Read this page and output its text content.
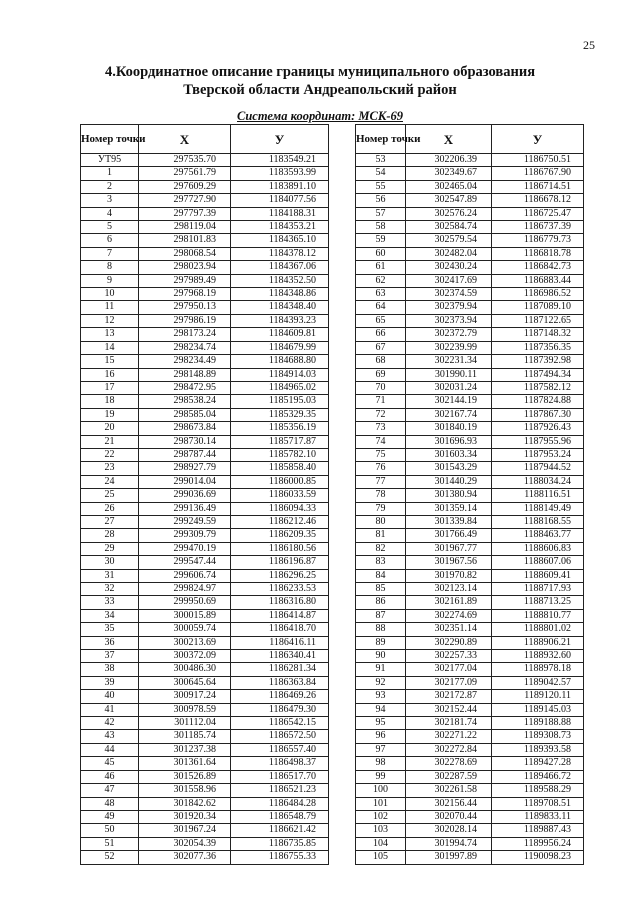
25
4.Координатное описание границы муниципального образования
Тверской области Андреапольский район
Система координат: МСК-69
Номер точки	X	У
УТ95	297535.70	1183549.21
1	297561.79	1183593.99
2	297609.29	1183891.10
3	297727.90	1184077.56
4	297797.39	1184188.31
5	298119.04	1184353.21
6	298101.83	1184365.10
7	298068.54	1184378.12
8	298023.94	1184367.06
9	297989.49	1184352.50
10	297968.19	1184348.86
11	297950.13	1184348.40
12	297986.19	1184393.23
13	298173.24	1184609.81
14	298234.74	1184679.99
15	298234.49	1184688.80
16	298148.89	1184914.03
17	298472.95	1184965.02
18	298538.24	1185195.03
19	298585.04	1185329.35
20	298673.84	1185356.19
21	298730.14	1185717.87
22	298787.44	1185782.10
23	298927.79	1185858.40
24	299014.04	1186000.85
25	299036.69	1186033.59
26	299136.49	1186094.33
27	299249.59	1186212.46
28	299309.79	1186209.35
29	299470.19	1186180.56
30	299547.44	1186196.87
31	299606.74	1186296.25
32	299824.97	1186233.53
33	299950.69	1186316.80
34	300015.89	1186414.87
35	300059.74	1186418.70
36	300213.69	1186416.11
37	300372.09	1186340.41
38	300486.30	1186281.34
39	300645.64	1186363.84
40	300917.24	1186469.26
41	300978.59	1186479.30
42	301112.04	1186542.15
43	301185.74	1186572.50
44	301237.38	1186557.40
45	301361.64	1186498.37
46	301526.89	1186517.70
47	301558.96	1186521.23
48	301842.62	1186484.28
49	301920.34	1186548.79
50	301967.24	1186621.42
51	302054.39	1186735.85
52	302077.36	1186755.33
Номер точки	X	У
53	302206.39	1186750.51
54	302349.67	1186767.90
55	302465.04	1186714.51
56	302547.89	1186678.12
57	302576.24	1186725.47
58	302584.74	1186737.39
59	302579.54	1186779.73
60	302482.04	1186818.78
61	302430.24	1186842.73
62	302417.69	1186883.44
63	302374.59	1186986.52
64	302379.94	1187089.10
65	302373.94	1187122.65
66	302372.79	1187148.32
67	302239.99	1187356.35
68	302231.34	1187392.98
69	301990.11	1187494.34
70	302031.24	1187582.12
71	302144.19	1187824.88
72	302167.74	1187867.30
73	301840.19	1187926.43
74	301696.93	1187955.96
75	301603.34	1187953.24
76	301543.29	1187944.52
77	301440.29	1188034.24
78	301380.94	1188116.51
79	301359.14	1188149.49
80	301339.84	1188168.55
81	301766.49	1188463.77
82	301967.77	1188606.83
83	301967.56	1188607.06
84	301970.82	1188609.41
85	302123.14	1188717.93
86	302161.89	1188713.25
87	302274.69	1188810.77
88	302351.14	1188801.02
89	302290.89	1188906.21
90	302257.33	1188932.60
91	302177.04	1188978.18
92	302177.09	1189042.57
93	302172.87	1189120.11
94	302152.44	1189145.03
95	302181.74	1189188.88
96	302271.22	1189308.73
97	302272.84	1189393.58
98	302278.69	1189427.28
99	302287.59	1189466.72
100	302261.58	1189588.29
101	302156.44	1189708.51
102	302070.44	1189833.11
103	302028.14	1189887.43
104	301994.74	1189956.24
105	301997.89	1190098.23
